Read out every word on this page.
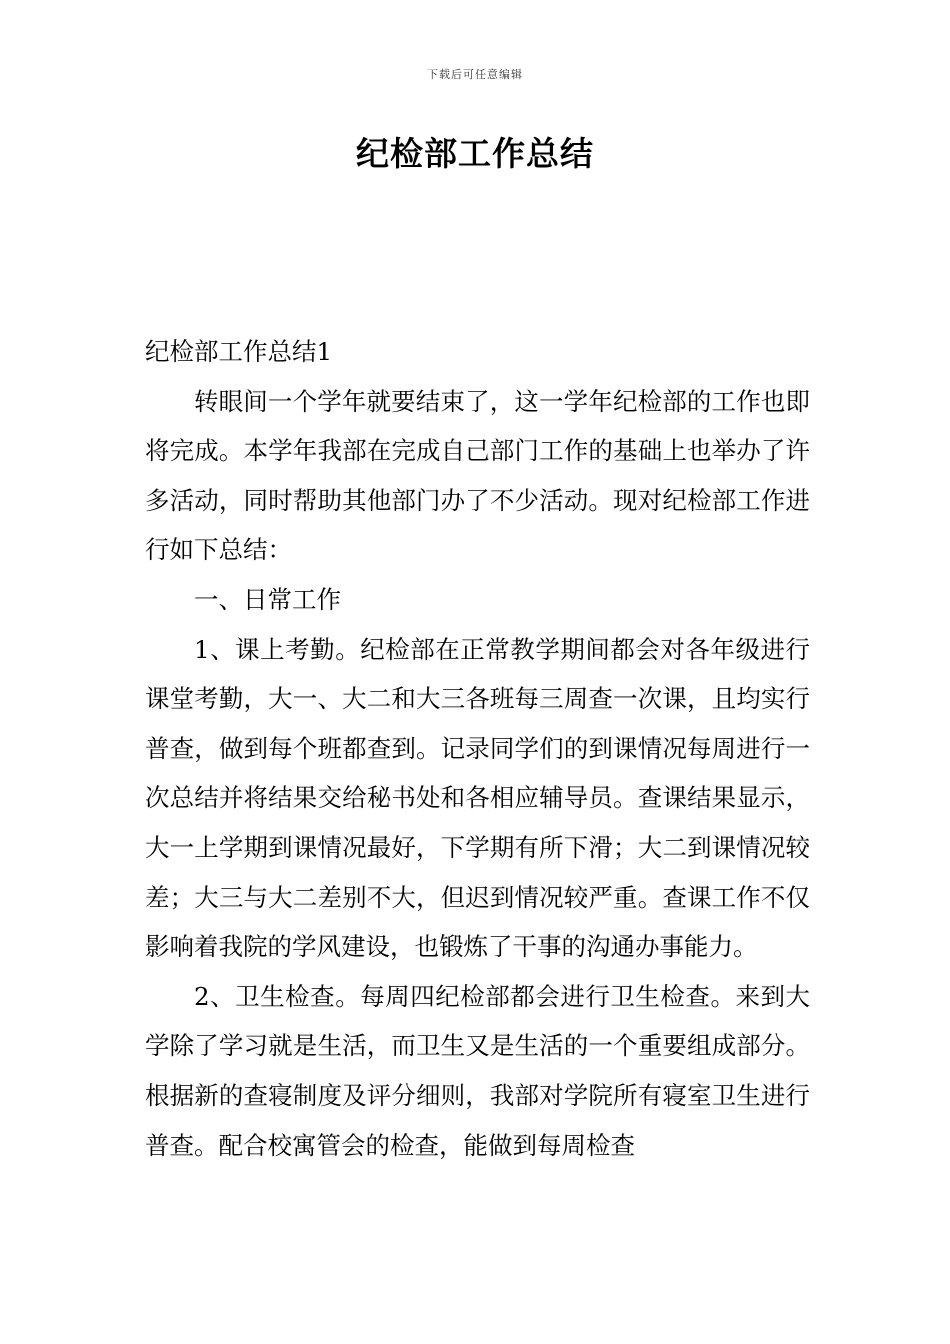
下载后可任意编辑
纪检部工作总结

纪检部工作总结1

转眼间一个学年就要结束了，这一学年纪检部的工作也即将完成。本学年我部在完成自己部门工作的基础上也举办了许多活动，同时帮助其他部门办了不少活动。现对纪检部工作进行如下总结：

一、日常工作

1、课上考勤。纪检部在正常教学期间都会对各年级进行课堂考勤，大一、大二和大三各班每三周查一次课，且均实行普查，做到每个班都查到。记录同学们的到课情况每周进行一次总结并将结果交给秘书处和各相应辅导员。查课结果显示，大一上学期到课情况最好，下学期有所下滑；大二到课情况较差；大三与大二差别不大，但迟到情况较严重。查课工作不仅影响着我院的学风建设，也锻炼了干事的沟通办事能力。

2、卫生检查。每周四纪检部都会进行卫生检查。来到大学除了学习就是生活，而卫生又是生活的一个重要组成部分。根据新的查寝制度及评分细则，我部对学院所有寝室卫生进行普查。配合校寓管会的检查，能做到每周检查
